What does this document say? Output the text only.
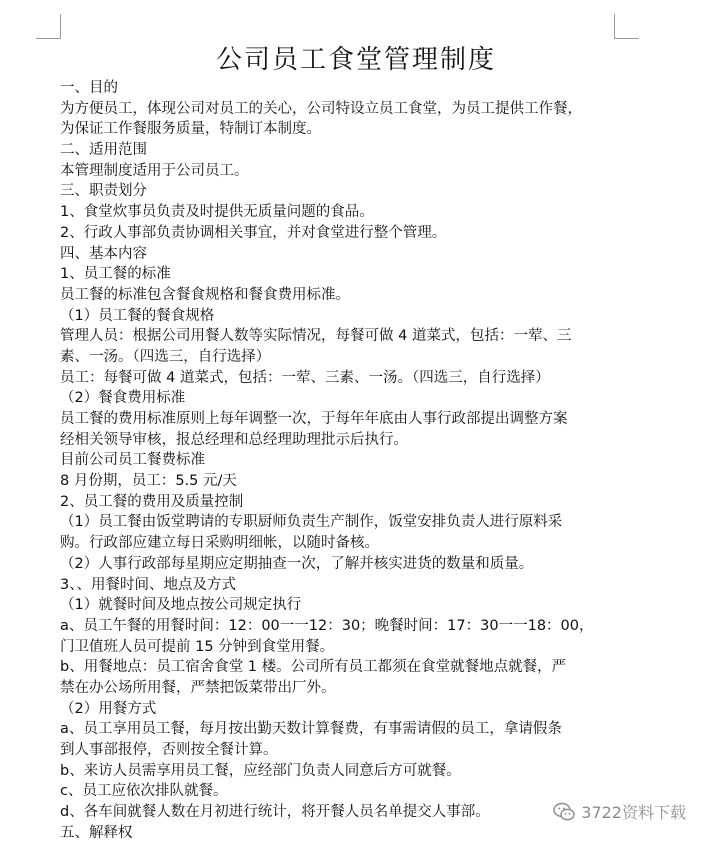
公司员工食堂管理制度
一、目的
为方便员工，体现公司对员工的关心，公司特设立员工食堂，为员工提供工作餐，
为保证工作餐服务质量，特制订本制度。
二、适用范围
本管理制度适用于公司员工。
三、职责划分
1、食堂炊事员负责及时提供无质量问题的食品。
2、行政人事部负责协调相关事宜，并对食堂进行整个管理。
四、基本内容
1、员工餐的标准
员工餐的标准包含餐食规格和餐食费用标准。
（1）员工餐的餐食规格
管理人员：根据公司用餐人数等实际情况，每餐可做 4 道菜式，包括：一荤、三
素、一汤。（四选三，自行选择）
员工：每餐可做 4 道菜式，包括：一荤、三素、一汤。（四选三，自行选择）
（2）餐食费用标准
员工餐的费用标准原则上每年调整一次，于每年年底由人事行政部提出调整方案
经相关领导审核，报总经理和总经理助理批示后执行。
目前公司员工餐费标准
8 月份期，员工：5.5 元/天
2、员工餐的费用及质量控制
（1）员工餐由饭堂聘请的专职厨师负责生产制作，饭堂安排负责人进行原料采
购。行政部应建立每日采购明细帐，以随时备核。
（2）人事行政部每星期应定期抽查一次，了解并核实进货的数量和质量。
3、、用餐时间、地点及方式
（1）就餐时间及地点按公司规定执行
a、员工午餐的用餐时间：12：00一一12：30；晚餐时间：17：30一一18：00，
门卫值班人员可提前 15 分钟到食堂用餐。
b、用餐地点：员工宿舍食堂 1 楼。公司所有员工都须在食堂就餐地点就餐，严
禁在办公场所用餐，严禁把饭菜带出厂外。
（2）用餐方式
a、员工享用员工餐，每月按出勤天数计算餐费，有事需请假的员工，拿请假条
到人事部报停，否则按全餐计算。
b、来访人员需享用员工餐，应经部门负责人同意后方可就餐。
c、员工应依次排队就餐。
d、各车间就餐人数在月初进行统计，将开餐人员名单提交人事部。
五、解释权
3722资料下载
